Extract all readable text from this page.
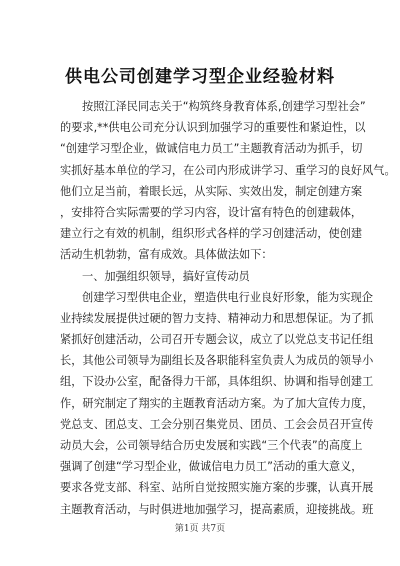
供电公司创建学习型企业经验材料
按照江泽民同志关于“构筑终身教育体系,创建学习型社会”
的要求,**供电公司充分认识到加强学习的重要性和紧迫性，以
“创建学习型企业，做诚信电力员工”主题教育活动为抓手，切
实抓好基本单位的学习，在公司内形成讲学习、重学习的良好风气。
他们立足当前，着眼长远，从实际、实效出发，制定创建方案
，安排符合实际需要的学习内容，设计富有特色的创建载体，
建立行之有效的机制，组织形式各样的学习创建活动，使创建
活动生机勃勃，富有成效。具体做法如下：
一、加强组织领导，搞好宣传动员
创建学习型供电企业，塑造供电行业良好形象，能为实现企
业持续发展提供过硬的智力支持、精神动力和思想保证。为了抓
紧抓好创建活动，公司召开专题会议，成立了以党总支书记任组
长，其他公司领导为副组长及各职能科室负责人为成员的领导小
组，下设办公室，配备得力干部，具体组织、协调和指导创建工
作，研究制定了翔实的主题教育活动方案。为了加大宣传力度，
党总支、团总支、工会分别召集党员、团员、工会会员召开宣传
动员大会，公司领导结合历史发展和实践“三个代表”的高度上
强调了创建“学习型企业，做诚信电力员工”活动的重大意义，
要求各党支部、科室、站所自觉按照实施方案的步骤，认真开展
主题教育活动，与时俱进地加强学习，提高素质，迎接挑战。班
第1页 共7页
